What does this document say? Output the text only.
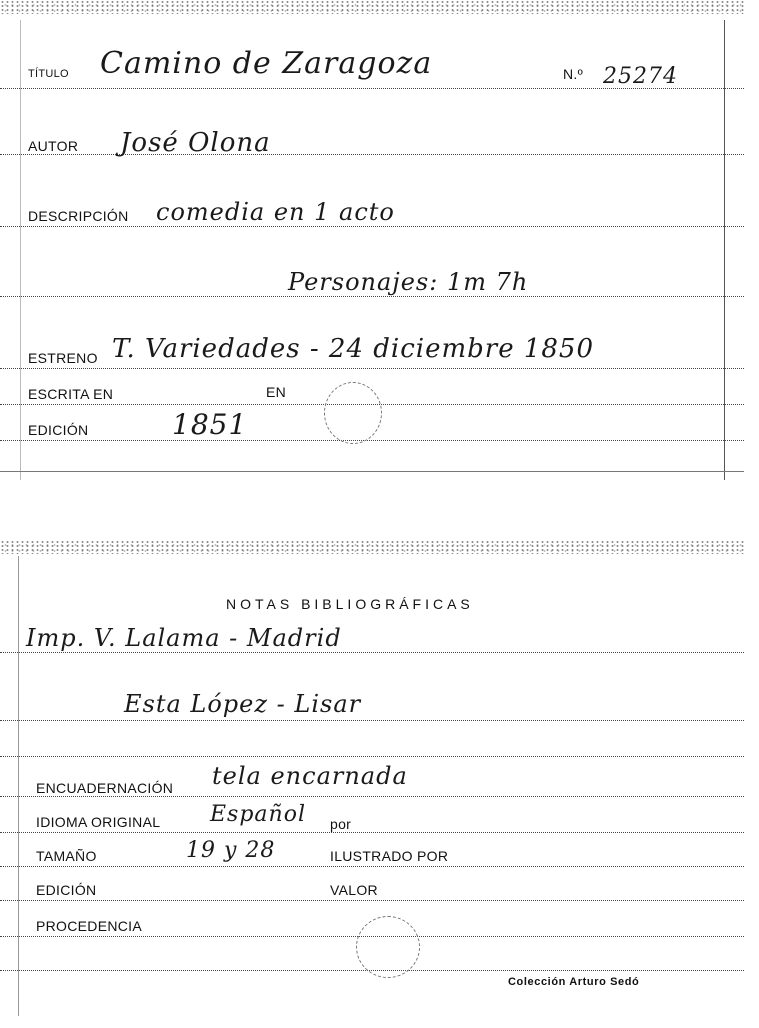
TÍTULO Camino de Zaragoza	N.º 25274
AUTOR José Olona
DESCRIPCIÓN comedia en 1 acto
Personajes: 1m 7h
ESTRENO T. Variedades - 24 diciembre 1850
ESCRITA EN	EN
EDICIÓN	1851
NOTAS BIBLIOGRÁFICAS
Imp. V. Lalama - Madrid
Esta López - Lisar
ENCUADERNACIÓN tela encarnada
IDIOMA ORIGINAL Español por
TAMAÑO	19 y 28	ILUSTRADO POR
EDICIÓN	VALOR
PROCEDENCIA
Colección Arturo Sedó
